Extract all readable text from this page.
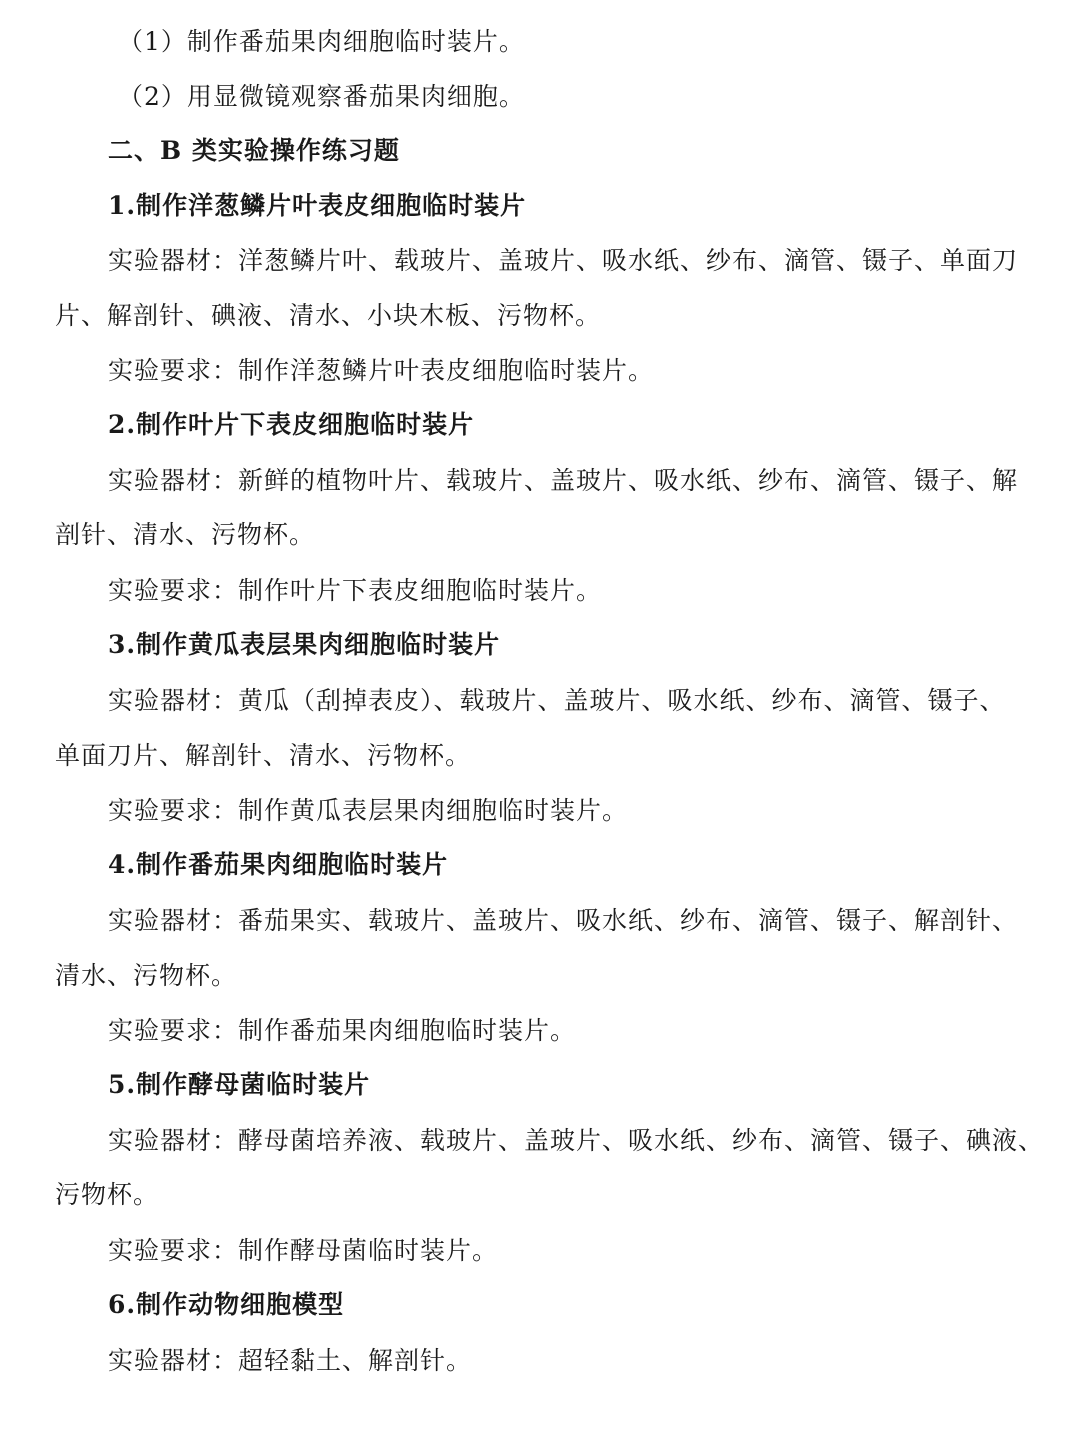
（1）制作番茄果肉细胞临时装片。
（2）用显微镜观察番茄果肉细胞。
二、B 类实验操作练习题
1.制作洋葱鳞片叶表皮细胞临时装片
实验器材：洋葱鳞片叶、载玻片、盖玻片、吸水纸、纱布、滴管、镊子、单面刀
片、解剖针、碘液、清水、小块木板、污物杯。
实验要求：制作洋葱鳞片叶表皮细胞临时装片。
2.制作叶片下表皮细胞临时装片
实验器材：新鲜的植物叶片、载玻片、盖玻片、吸水纸、纱布、滴管、镊子、解
剖针、清水、污物杯。
实验要求：制作叶片下表皮细胞临时装片。
3.制作黄瓜表层果肉细胞临时装片
实验器材：黄瓜（刮掉表皮）、载玻片、盖玻片、吸水纸、纱布、滴管、镊子、
单面刀片、解剖针、清水、污物杯。
实验要求：制作黄瓜表层果肉细胞临时装片。
4.制作番茄果肉细胞临时装片
实验器材：番茄果实、载玻片、盖玻片、吸水纸、纱布、滴管、镊子、解剖针、
清水、污物杯。
实验要求：制作番茄果肉细胞临时装片。
5.制作酵母菌临时装片
实验器材：酵母菌培养液、载玻片、盖玻片、吸水纸、纱布、滴管、镊子、碘液、
污物杯。
实验要求：制作酵母菌临时装片。
6.制作动物细胞模型
实验器材：超轻黏土、解剖针。
